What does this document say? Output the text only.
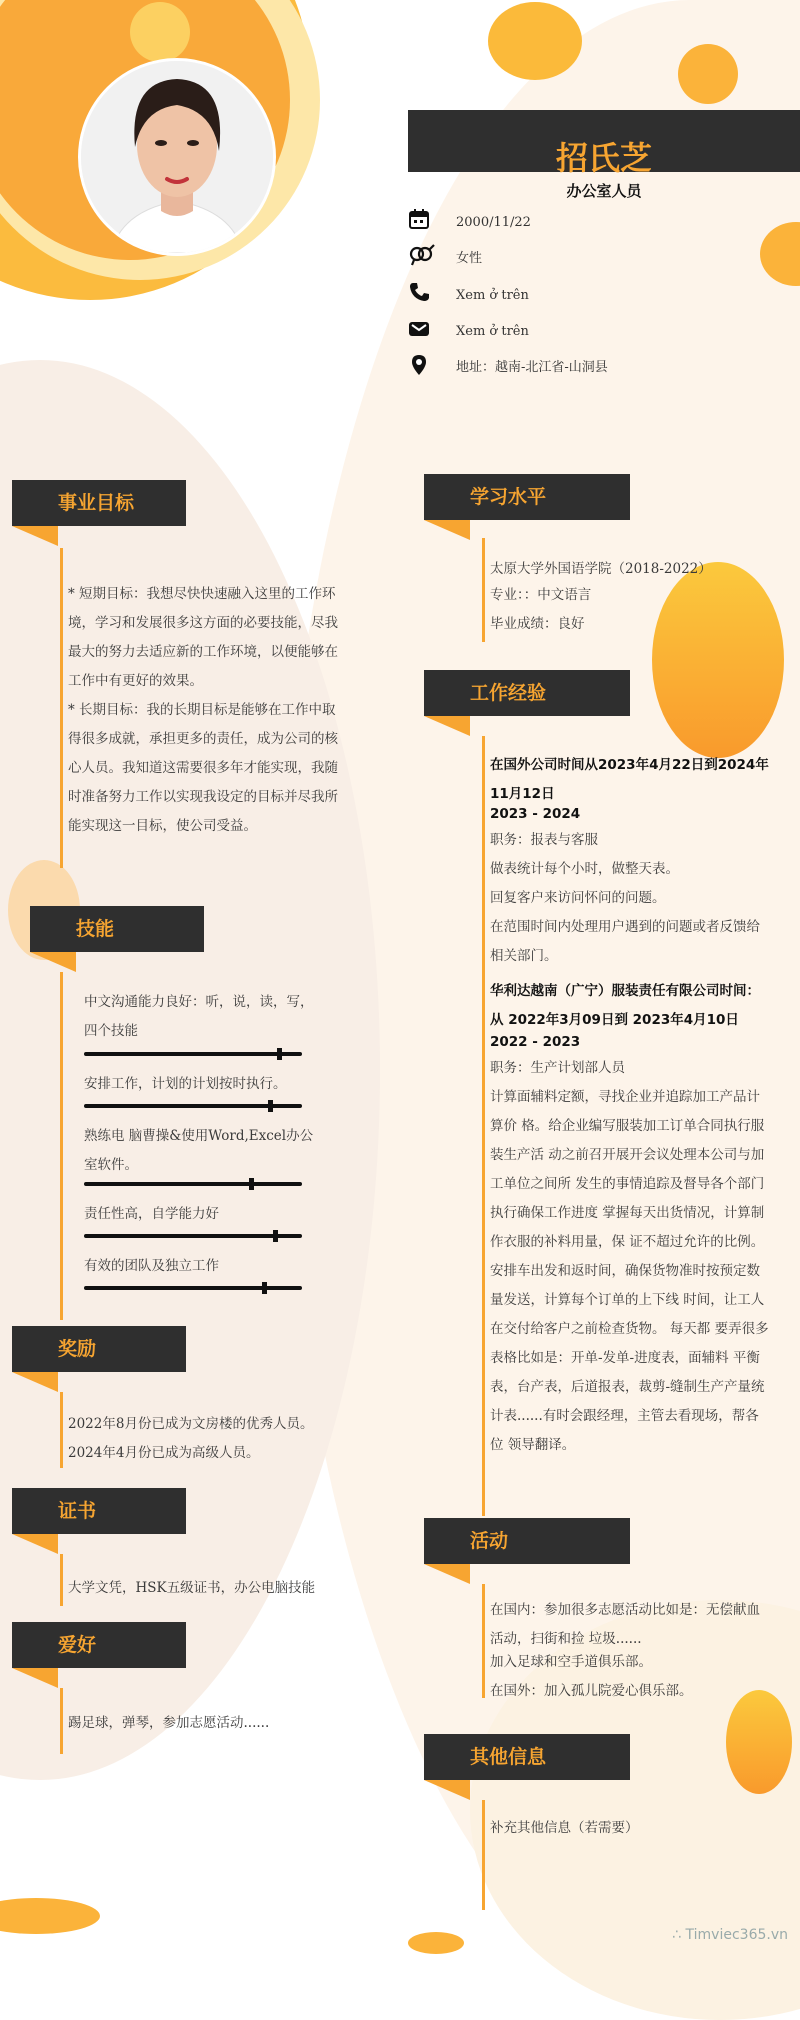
招氏芝
办公室人员
2000/11/22
女性
Xem ở trên
Xem ở trên
地址：越南-北江省-山洞县
事业目标
* 短期目标：我想尽快快速融入这里的工作环 境，学习和发展很多这方面的必要技能，尽我 最大的努力去适应新的工作环境，以便能够在 工作中有更好的效果。
* 长期目标：我的长期目标是能够在工作中取 得很多成就，承担更多的责任，成为公司的核 心人员。我知道这需要很多年才能实现，我随 时准备努力工作以实现我设定的目标并尽我所 能实现这一目标，使公司受益。
技能
中文沟通能力良好：听，说，读，写，四个技能
安排工作，计划的计划按时执行。
熟练电 脑曹操&使用Word,Excel办公室软件。
责任性高，自学能力好
有效的团队及独立工作
奖励
2022年8月份已成为文房楼的优秀人员。
2024年4月份已成为高级人员。
证书
大学文凭，HSK五级证书，办公电脑技能
爱好
踢足球，弹琴，参加志愿活动......
学习水平
太原大学外国语学院（2018-2022）
专业：：中文语言
毕业成绩：良好
工作经验
在国外公司时间从2023年4月22日到2024年11月12日
2023 - 2024
职务：报表与客服
做表统计每个小时，做整天表。
回复客户来访问怀问的问题。
在范围时间内处理用户遇到的问题或者反馈给相关部门。
华利达越南（广宁）服装责任有限公司时间：从 2022年3月09日到 2023年4月10日
2022 - 2023
职务：生产计划部人员
计算面辅料定额，寻找企业并追踪加工产品计算价 格。给企业编写服装加工订单合同执行服装生产活 动之前召开展开会议处理本公司与加工单位之间所 发生的事情追踪及督导各个部门执行确保工作进度 掌握每天出货情况，计算制作衣服的补料用量，保 证不超过允许的比例。 安排车出发和返时间，确保货物准时按预定数量发送，计算每个订单的上下线 时间，让工人在交付给客户之前检查货物。 每天都 要弄很多表格比如是：开单-发单-进度表，面辅料 平衡表，台产表，后道报表，裁剪-缝制生产产量统 计表......有时会跟经理，主管去看现场，帮各位 领导翻译。
活动
在国内：参加很多志愿活动比如是：无偿献血活动，扫街和捡 垃圾......
加入足球和空手道俱乐部。
在国外：加入孤儿院爱心俱乐部。
其他信息
补充其他信息（若需要）
∴ Timviec365.vn
